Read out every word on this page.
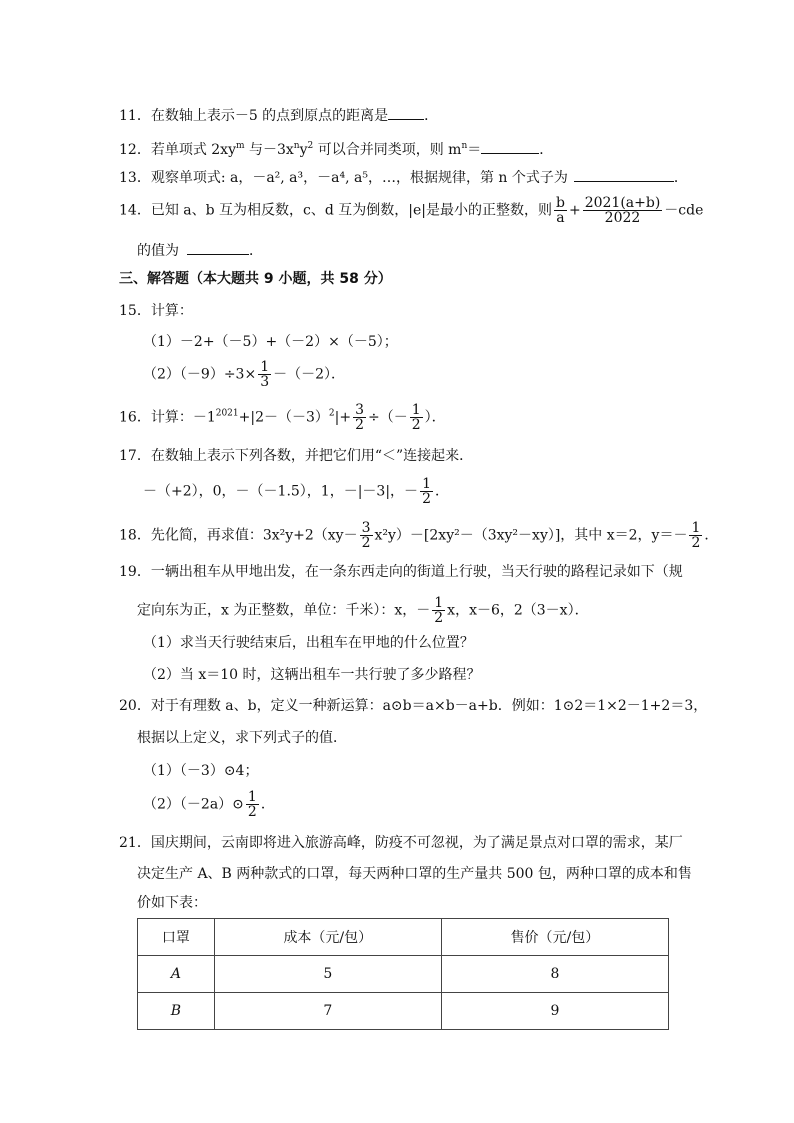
11．在数轴上表示－5 的点到原点的距离是	．
12．若单项式 $2xy^m$ 与$-3x^ny^2$ 可以合并同类项，则 $m^n=$	．
13．观察单项式: a，－a², a³，－a⁴, a⁵，…，根据规律，第 n 个式子为	．
14．已知 a、b 互为相反数，c、d 互为倒数，|e|是最小的正整数，则 $\frac{b}{a} + \frac{2021(a+b)}{2022} -cde$
的值为	．
三、解答题（本大题共 9 小题，共 58 分）
15．计算：
（1）－2+（－5）+（－2）×（－5）；
$(2)(-9)\div 3\times \frac{1}{3} -(-2)$．
16．计算：$-1^{2021}+|2-(-3)^2|+ \frac{3}{2}$ ÷（－ $\frac{1}{2}$ ）．
17．在数轴上表示下列各数，并把它们用“＜”连接起来．
－（+2），0，－（－1.5），1，－|－3|，－ $\frac{1}{2}$ ．
18．先化简，再求值：$3x^2y+2(xy- \frac{3}{2} x^2y)-[2xy^2-(3xy^2-xy)]$，其中 x＝2，$y=- \frac{1}{2}$ ．
19．一辆出租车从甲地出发，在一条东西走向的街道上行驶，当天行驶的路程记录如下（规
定向东为正，x 为正整数，单位：千米）：x，－ $\frac{1}{2}$ x，x－6，2（3－x）．
（1）求当天行驶结束后，出租车在甲地的什么位置？
（2）当 x＝10 时，这辆出租车一共行驶了多少路程？
20．对于有理数 a、b，定义一种新运算：a⊙b＝a×b－a+b．例如：1⊙2＝1×2－1+2＝3，
根据以上定义，求下列式子的值．
（1）（－3）⊙4；
（2）（－2a）⊙ $\frac{1}{2}$ ．
21．国庆期间，云南即将进入旅游高峰，防疫不可忽视，为了满足景点对口罩的需求，某厂
决定生产 A、B 两种款式的口罩，每天两种口罩的生产量共 500 包，两种口罩的成本和售
价如下表：
口罩	成本（元/包）	售价（元/包）
A	5	8
B	7	9
